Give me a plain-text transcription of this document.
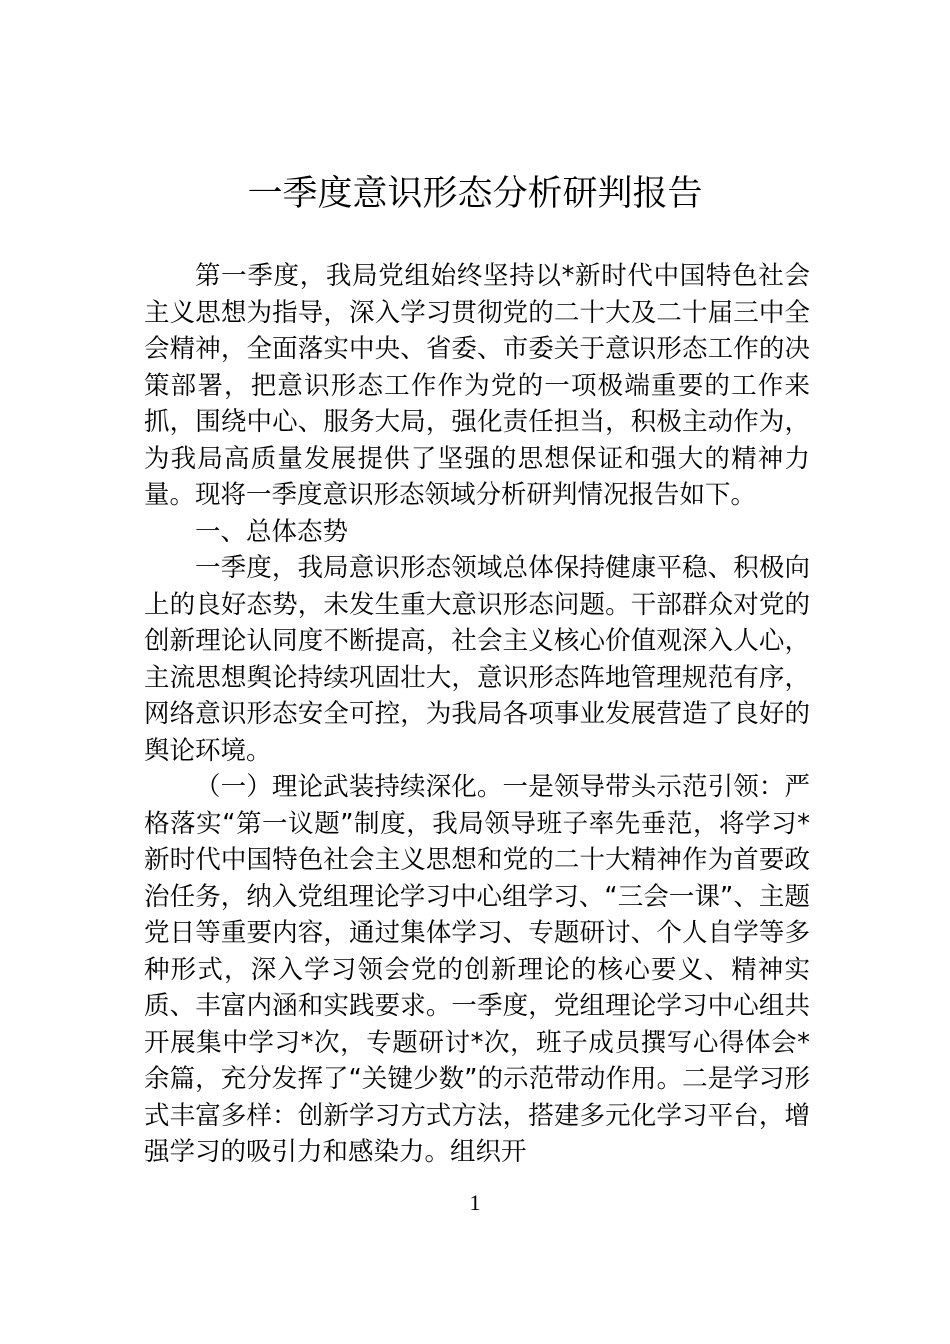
一季度意识形态分析研判报告

第一季度，我局党组始终坚持以*新时代中国特色社会主义思想为指导，深入学习贯彻党的二十大及二十届三中全会精神，全面落实中央、省委、市委关于意识形态工作的决策部署，把意识形态工作作为党的一项极端重要的工作来抓，围绕中心、服务大局，强化责任担当，积极主动作为，为我局高质量发展提供了坚强的思想保证和强大的精神力量。现将一季度意识形态领域分析研判情况报告如下。

一、总体态势

一季度，我局意识形态领域总体保持健康平稳、积极向上的良好态势，未发生重大意识形态问题。干部群众对党的创新理论认同度不断提高，社会主义核心价值观深入人心，主流思想舆论持续巩固壮大，意识形态阵地管理规范有序，网络意识形态安全可控，为我局各项事业发展营造了良好的舆论环境。

（一）理论武装持续深化。一是领导带头示范引领：严格落实“第一议题”制度，我局领导班子率先垂范，将学习*新时代中国特色社会主义思想和党的二十大精神作为首要政治任务，纳入党组理论学习中心组学习、“三会一课”、主题党日等重要内容，通过集体学习、专题研讨、个人自学等多种形式，深入学习领会党的创新理论的核心要义、精神实质、丰富内涵和实践要求。一季度，党组理论学习中心组共开展集中学习*次，专题研讨*次，班子成员撰写心得体会*余篇，充分发挥了“关键少数”的示范带动作用。二是学习形式丰富多样：创新学习方式方法，搭建多元化学习平台，增强学习的吸引力和感染力。组织开

1
